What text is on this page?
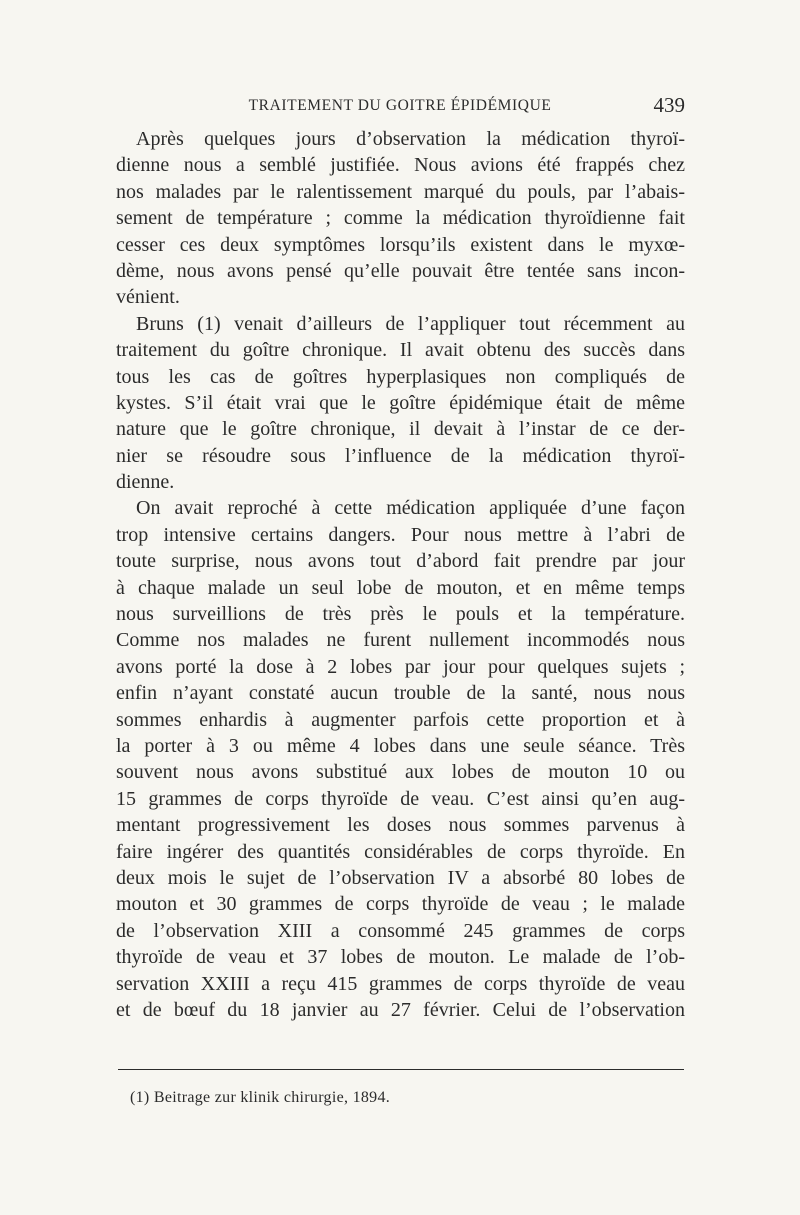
TRAITEMENT DU GOITRE ÉPIDÉMIQUE	439
Après quelques jours d’observation la médication thyroï-
dienne nous a semblé justifiée. Nous avions été frappés chez
nos malades par le ralentissement marqué du pouls, par l’abais-
sement de température ; comme la médication thyroïdienne fait
cesser ces deux symptômes lorsqu’ils existent dans le myxœ-
dème, nous avons pensé qu’elle pouvait être tentée sans incon-
vénient.
Bruns (1) venait d’ailleurs de l’appliquer tout récemment au
traitement du goître chronique. Il avait obtenu des succès dans
tous les cas de goîtres hyperplasiques non compliqués de
kystes. S’il était vrai que le goître épidémique était de même
nature que le goître chronique, il devait à l’instar de ce der-
nier se résoudre sous l’influence de la médication thyroï-
dienne.
On avait reproché à cette médication appliquée d’une façon
trop intensive certains dangers. Pour nous mettre à l’abri de
toute surprise, nous avons tout d’abord fait prendre par jour
à chaque malade un seul lobe de mouton, et en même temps
nous surveillions de très près le pouls et la température.
Comme nos malades ne furent nullement incommodés nous
avons porté la dose à 2 lobes par jour pour quelques sujets ;
enfin n’ayant constaté aucun trouble de la santé, nous nous
sommes enhardis à augmenter parfois cette proportion et à
la porter à 3 ou même 4 lobes dans une seule séance. Très
souvent nous avons substitué aux lobes de mouton 10 ou
15 grammes de corps thyroïde de veau. C’est ainsi qu’en aug-
mentant progressivement les doses nous sommes parvenus à
faire ingérer des quantités considérables de corps thyroïde. En
deux mois le sujet de l’observation IV a absorbé 80 lobes de
mouton et 30 grammes de corps thyroïde de veau ; le malade
de l’observation XIII a consommé 245 grammes de corps
thyroïde de veau et 37 lobes de mouton. Le malade de l’ob-
servation XXIII a reçu 415 grammes de corps thyroïde de veau
et de bœuf du 18 janvier au 27 février. Celui de l’observation
(1) Beitrage zur klinik chirurgie, 1894.
